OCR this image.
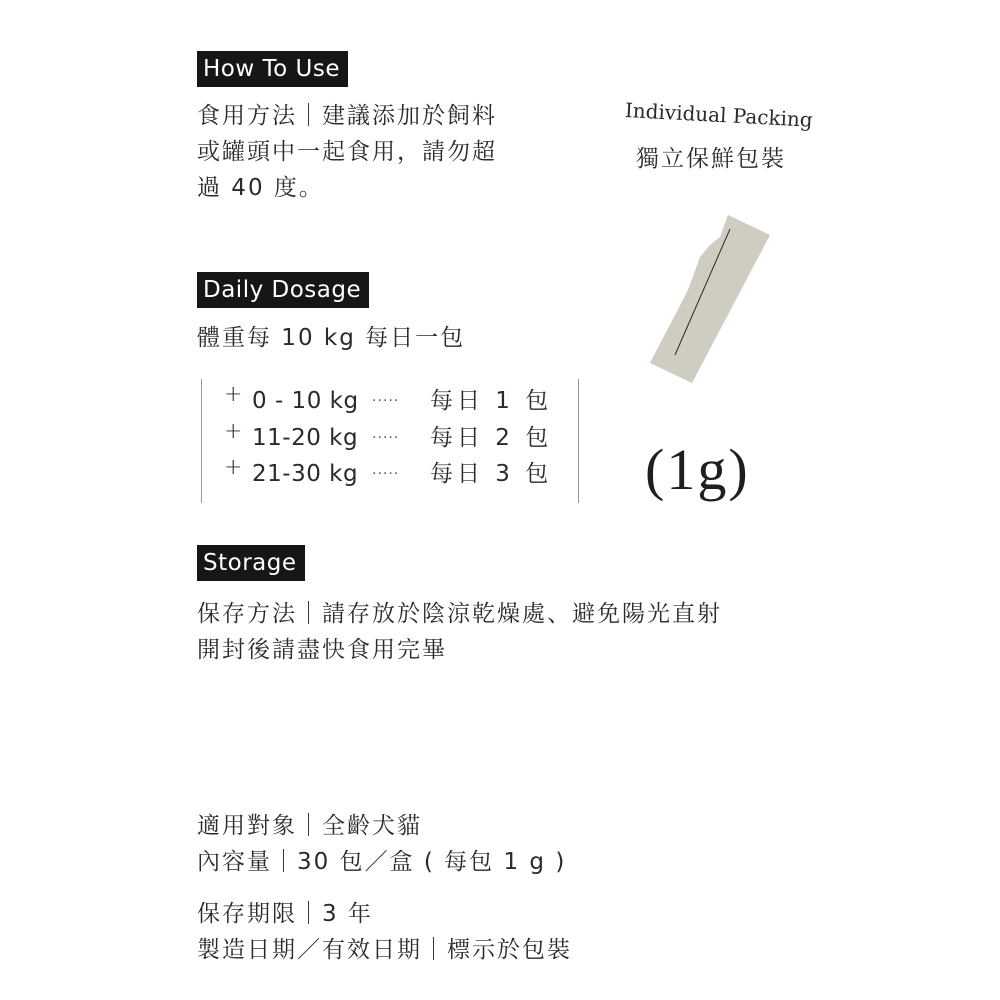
How To Use
食用方法｜建議添加於飼料
或罐頭中一起食用，請勿超
過 40 度。
Individual Packing
獨立保鮮包裝
(1g)
Daily Dosage
體重每 10 kg 每日一包
+ 0 - 10 kg ····· 每日 1 包
+ 11-20 kg ····· 每日 2 包
+ 21-30 kg ····· 每日 3 包
Storage
保存方法｜請存放於陰涼乾燥處、避免陽光直射
開封後請盡快食用完畢
適用對象｜全齡犬貓
內容量｜30 包／盒 ( 每包 1 g )
保存期限｜3 年
製造日期／有效日期｜標示於包裝
